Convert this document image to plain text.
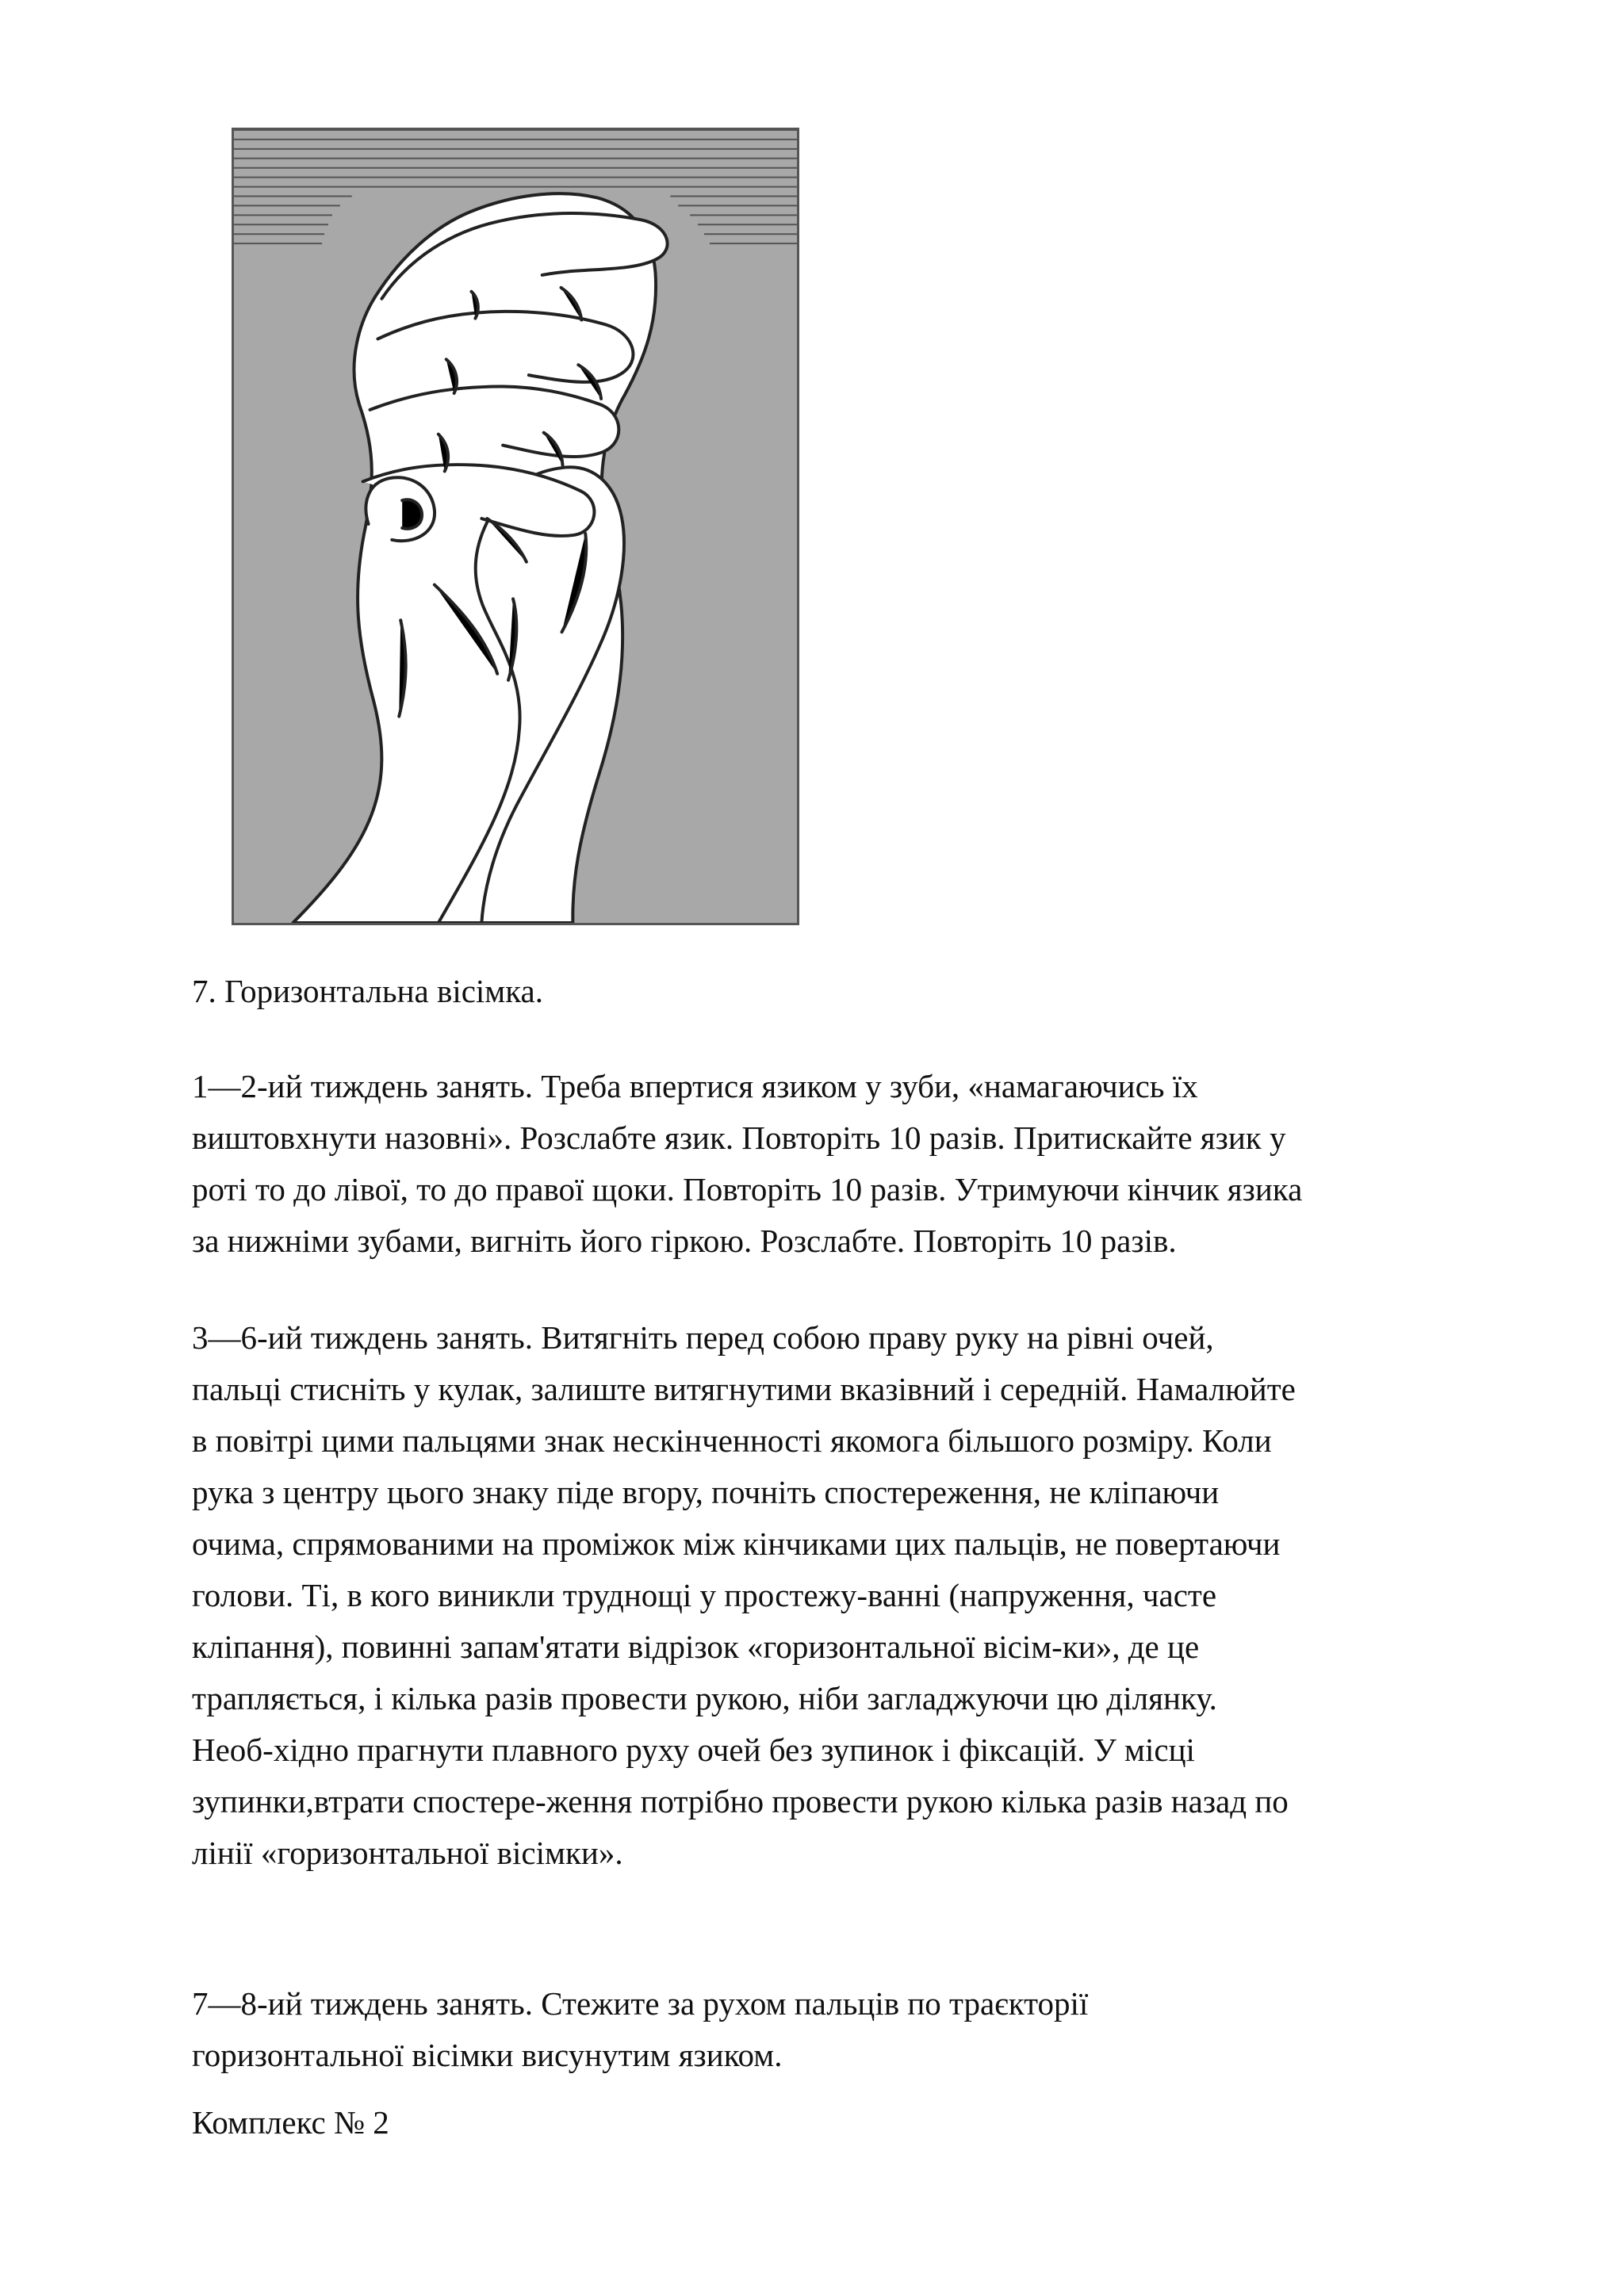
7. Горизонтальна вісімка.
1—2-ий тиждень занять. Треба впертися язиком у зуби, «намагаючись їх
виштовхнути назовні». Розслабте язик. Повторіть 10 разів. Притискайте язик у
роті то до лівої, то до правої щоки. Повторіть 10 разів. Утримуючи кінчик язика
за нижніми зубами, вигніть його гіркою. Розслабте. Повторіть 10 разів.
3—6-ий тиждень занять. Витягніть перед собою праву руку на рівні очей,
пальці стисніть у кулак, залиште витягнутими вказівний і середній. Намалюйте
в повітрі цими пальцями знак нескінченності якомога більшого розміру. Коли
рука з центру цього знаку піде вгору, почніть спостереження, не кліпаючи
очима, спрямованими на проміжок між кінчиками цих пальців, не повертаючи
голови. Ті, в кого виникли труднощі у простежу-ванні (напруження, часте
кліпання), повинні запам'ятати відрізок «горизонтальної вісім-ки», де це
трапляється, і кілька разів провести рукою, ніби загладжуючи цю ділянку.
Необ-хідно прагнути плавного руху очей без зупинок і фіксацій. У місці
зупинки,втрати спостере-ження потрібно провести рукою кілька разів назад по
лінії «горизонтальної вісімки».
7—8-ий тиждень занять. Стежите за рухом пальців по траєкторії
горизонтальної вісімки висунутим язиком.
Комплекс № 2
